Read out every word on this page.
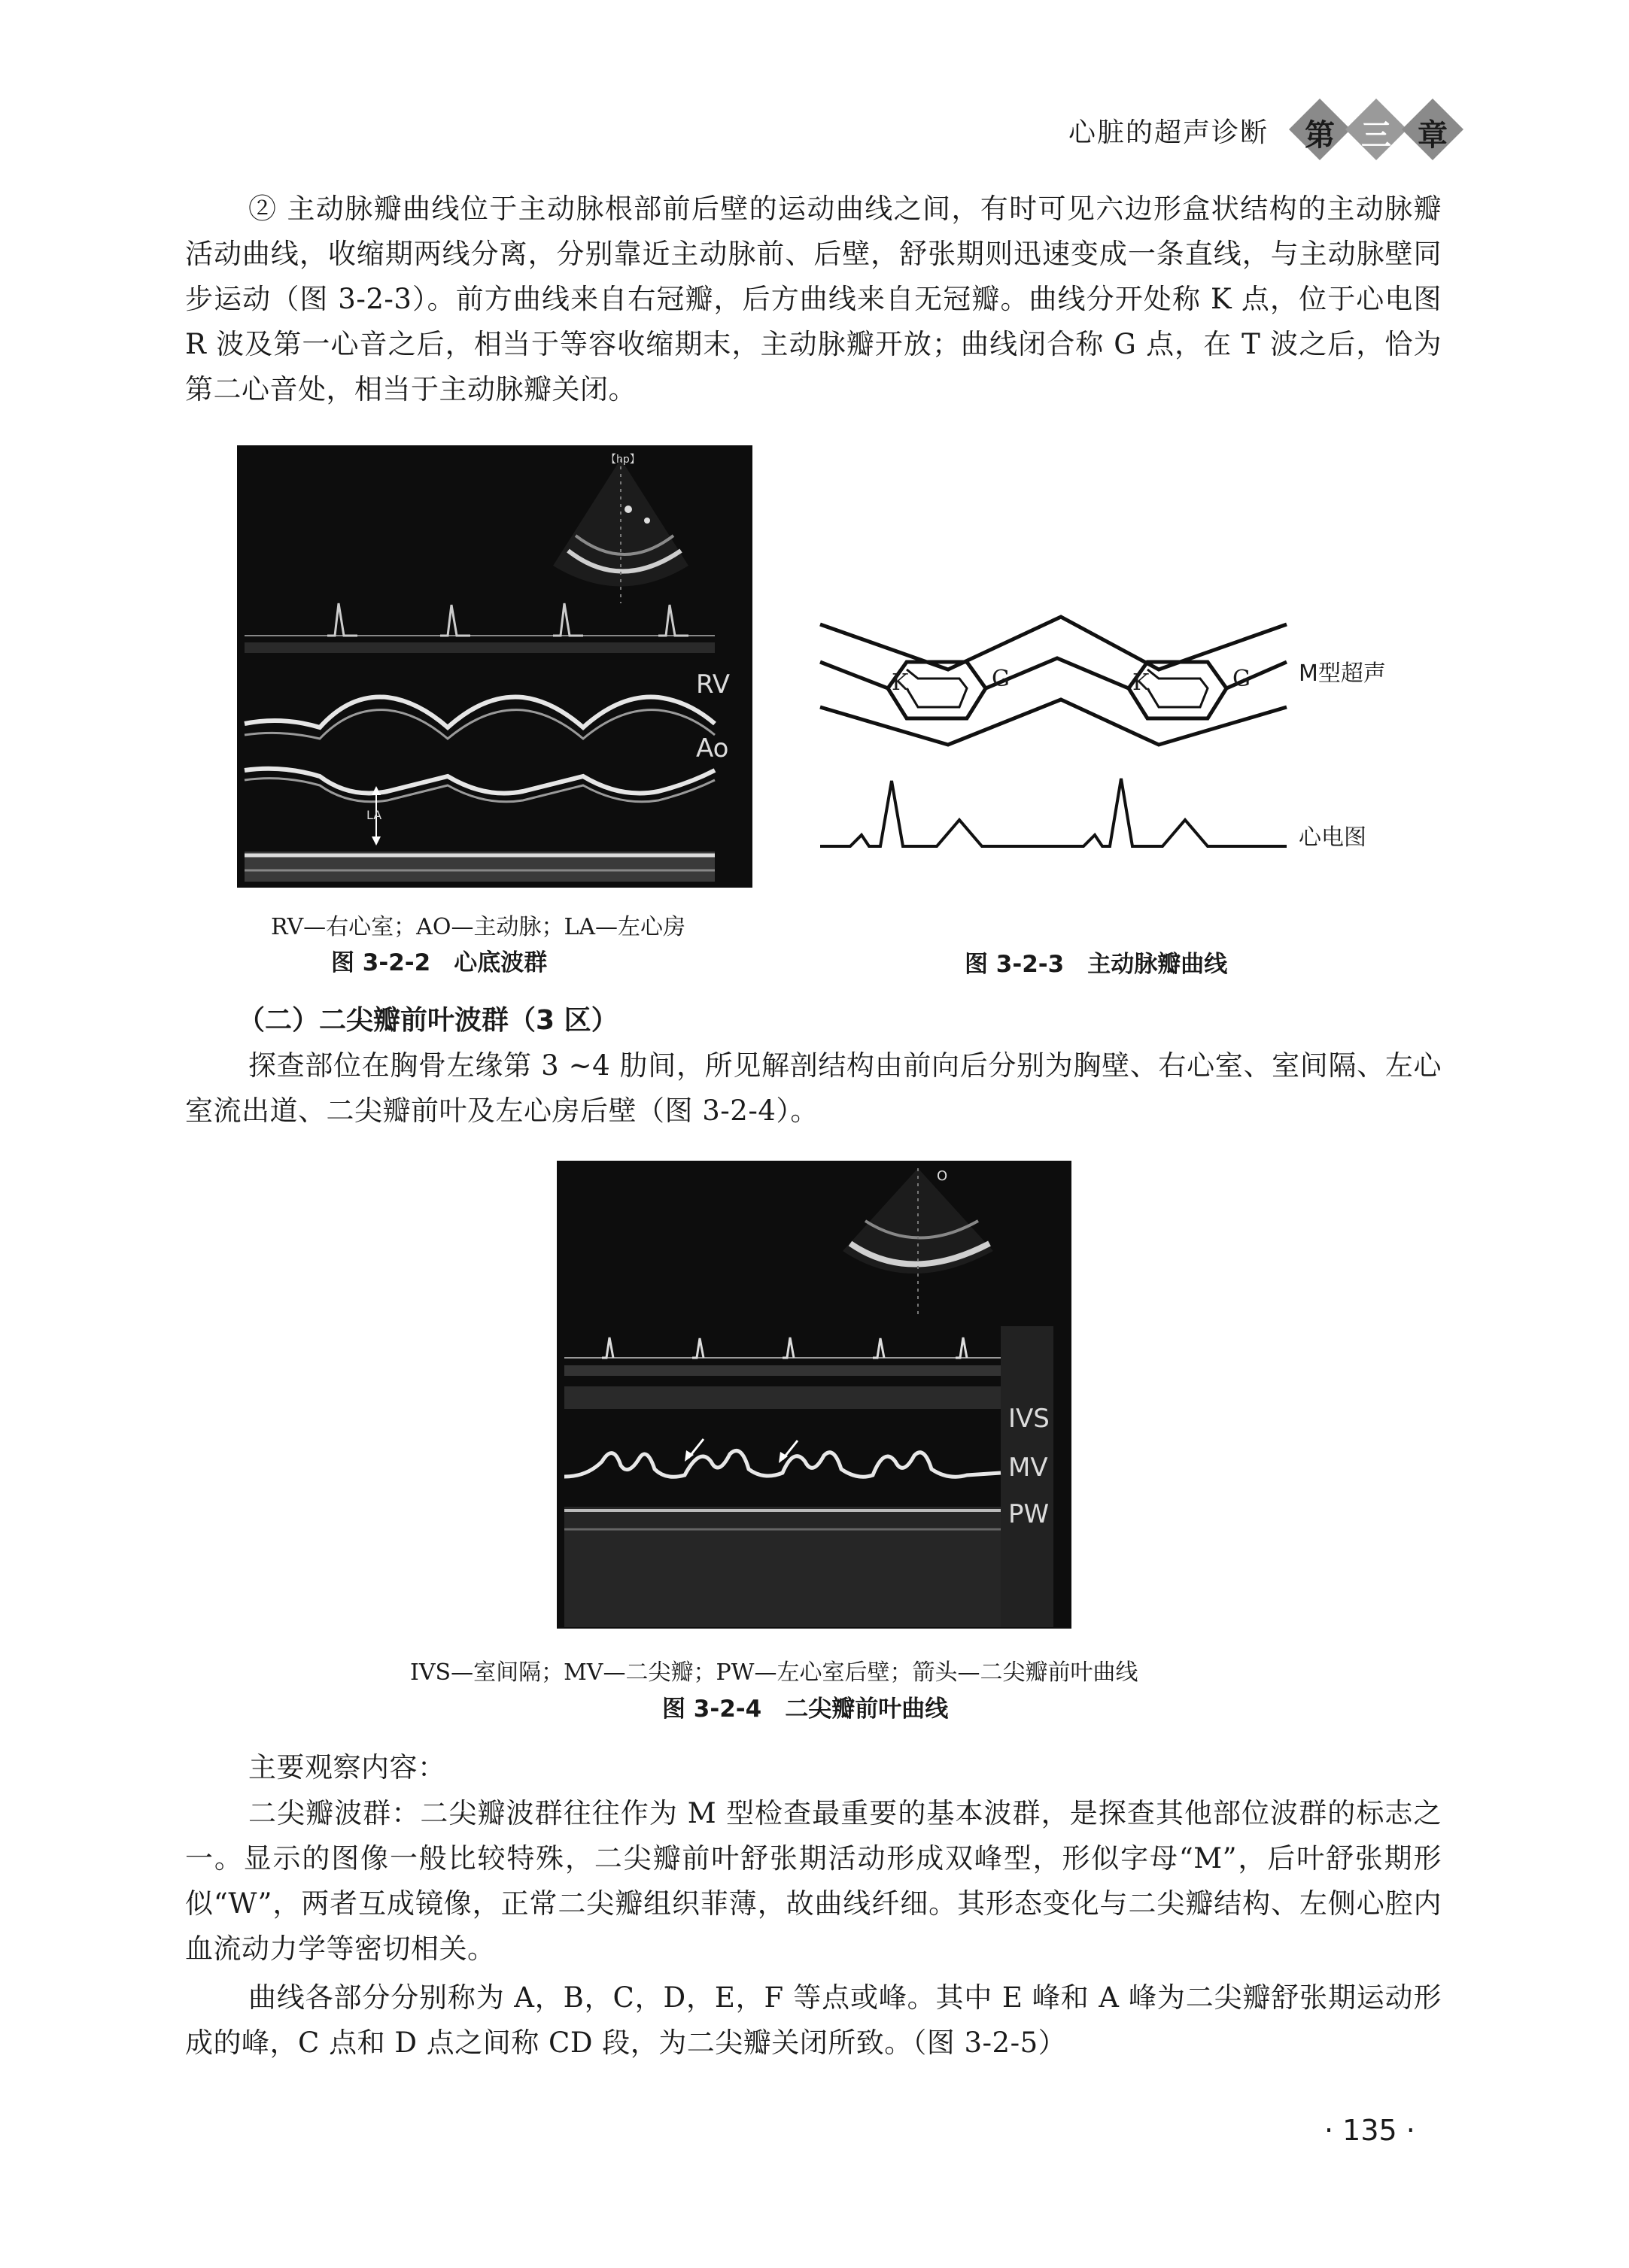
心脏的超声诊断	第 三 章
② 主动脉瓣曲线位于主动脉根部前后壁的运动曲线之间，有时可见六边形盒状结构的主动脉瓣活动曲线，收缩期两线分离，分别靠近主动脉前、后壁，舒张期则迅速变成一条直线，与主动脉壁同步运动（图 3-2-3）。前方曲线来自右冠瓣，后方曲线来自无冠瓣。曲线分开处称 K 点，位于心电图 R 波及第一心音之后，相当于等容收缩期末，主动脉瓣开放；曲线闭合称 G 点，在 T 波之后，恰为第二心音处，相当于主动脉瓣关闭。
RV
Ao
LA
【hp】
RV—右心室；AO—主动脉；LA—左心房
图 3-2-2　心底波群
K	G	K	G M型超声
心电图
图 3-2-3　主动脉瓣曲线
（二）二尖瓣前叶波群（3 区）
探查部位在胸骨左缘第 3 ~4 肋间，所见解剖结构由前向后分别为胸壁、右心室、室间隔、左心室流出道、二尖瓣前叶及左心房后壁（图 3-2-4）。
IVS
MV
PW
O
IVS—室间隔；MV—二尖瓣；PW—左心室后壁；箭头—二尖瓣前叶曲线
图 3-2-4　二尖瓣前叶曲线
主要观察内容：
二尖瓣波群：二尖瓣波群往往作为 M 型检查最重要的基本波群，是探查其他部位波群的标志之一。显示的图像一般比较特殊，二尖瓣前叶舒张期活动形成双峰型，形似字母“M”，后叶舒张期形似“W”，两者互成镜像，正常二尖瓣组织菲薄，故曲线纤细。其形态变化与二尖瓣结构、左侧心腔内血流动力学等密切相关。
曲线各部分分别称为 A，B，C，D，E，F 等点或峰。其中 E 峰和 A 峰为二尖瓣舒张期运动形成的峰，C 点和 D 点之间称 CD 段，为二尖瓣关闭所致。（图 3-2-5）
· 135 ·
